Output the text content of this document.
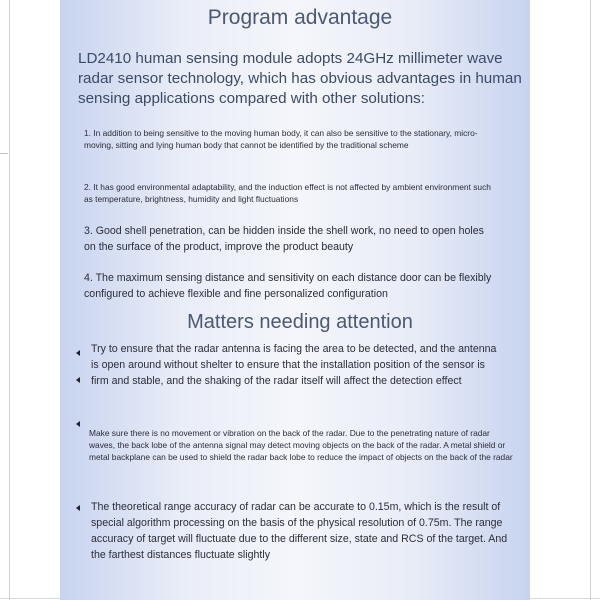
Program advantage
LD2410 human sensing module adopts 24GHz millimeter wave radar sensor technology, which has obvious advantages in human sensing applications compared with other solutions:
1. In addition to being sensitive to the moving human body, it can also be sensitive to the stationary, micro-moving, sitting and lying human body that cannot be identified by the traditional scheme
2. It has good environmental adaptability, and the induction effect is not affected by ambient environment such as temperature, brightness, humidity and light fluctuations
3. Good shell penetration, can be hidden inside the shell work, no need to open holes on the surface of the product, improve the product beauty
4. The maximum sensing distance and sensitivity on each distance door can be flexibly configured to achieve flexible and fine personalized configuration
Matters needing attention
Try to ensure that the radar antenna is facing the area to be detected, and the antenna is open around without shelter to ensure that the installation position of the sensor is firm and stable, and the shaking of the radar itself will affect the detection effect
Make sure there is no movement or vibration on the back of the radar. Due to the penetrating nature of radar waves, the back lobe of the antenna signal may detect moving objects on the back of the radar. A metal shield or metal backplane can be used to shield the radar back lobe to reduce the impact of objects on the back of the radar
The theoretical range accuracy of radar can be accurate to 0.15m, which is the result of special algorithm processing on the basis of the physical resolution of 0.75m. The range accuracy of target will fluctuate due to the different size, state and RCS of the target. And the farthest distances fluctuate slightly
